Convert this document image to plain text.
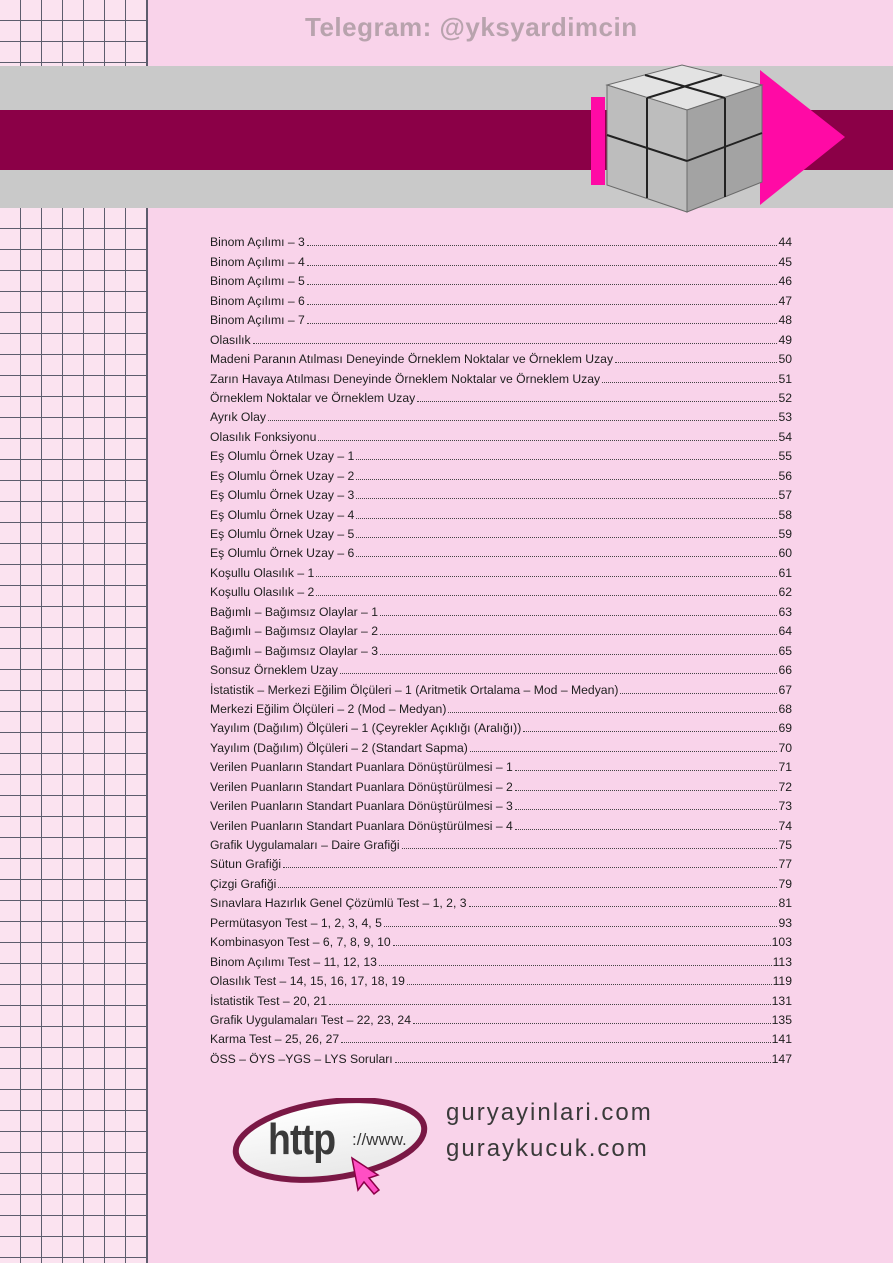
Telegram: @yksyardimcin
Binom Açılımı – 3	44
Binom Açılımı – 4	45
Binom Açılımı – 5	46
Binom Açılımı – 6	47
Binom Açılımı – 7	48
Olasılık	49
Madeni Paranın Atılması Deneyinde Örneklem Noktalar ve Örneklem Uzay	50
Zarın Havaya Atılması Deneyinde Örneklem Noktalar ve Örneklem Uzay	51
Örneklem Noktalar ve Örneklem Uzay	52
Ayrık Olay	53
Olasılık Fonksiyonu	54
Eş Olumlu Örnek Uzay – 1	55
Eş Olumlu Örnek Uzay – 2	56
Eş Olumlu Örnek Uzay – 3	57
Eş Olumlu Örnek Uzay – 4	58
Eş Olumlu Örnek Uzay – 5	59
Eş Olumlu Örnek Uzay – 6	60
Koşullu Olasılık – 1	61
Koşullu Olasılık – 2	62
Bağımlı – Bağımsız Olaylar – 1	63
Bağımlı – Bağımsız Olaylar – 2	64
Bağımlı – Bağımsız Olaylar – 3	65
Sonsuz Örneklem Uzay	66
İstatistik – Merkezi Eğilim Ölçüleri – 1 (Aritmetik Ortalama – Mod – Medyan)	67
Merkezi Eğilim Ölçüleri – 2 (Mod – Medyan)	68
Yayılım (Dağılım) Ölçüleri – 1 (Çeyrekler Açıklığı (Aralığı))	69
Yayılım (Dağılım) Ölçüleri – 2 (Standart Sapma)	70
Verilen Puanların Standart Puanlara Dönüştürülmesi – 1	71
Verilen Puanların Standart Puanlara Dönüştürülmesi – 2	72
Verilen Puanların Standart Puanlara Dönüştürülmesi – 3	73
Verilen Puanların Standart Puanlara Dönüştürülmesi – 4	74
Grafik Uygulamaları – Daire Grafiği	75
Sütun Grafiği	77
Çizgi Grafiği	79
Sınavlara Hazırlık Genel Çözümlü Test – 1, 2, 3	81
Permütasyon Test – 1, 2, 3, 4, 5	93
Kombinasyon Test – 6, 7, 8, 9, 10	103
Binom Açılımı Test – 11, 12, 13	113
Olasılık Test – 14, 15, 16, 17, 18, 19	119
İstatistik Test – 20, 21	131
Grafik Uygulamaları Test – 22, 23, 24	135
Karma Test – 25, 26, 27	141
ÖSS – ÖYS –YGS – LYS Soruları	147
http ://www.
guryayinlari.com
guraykucuk.com
